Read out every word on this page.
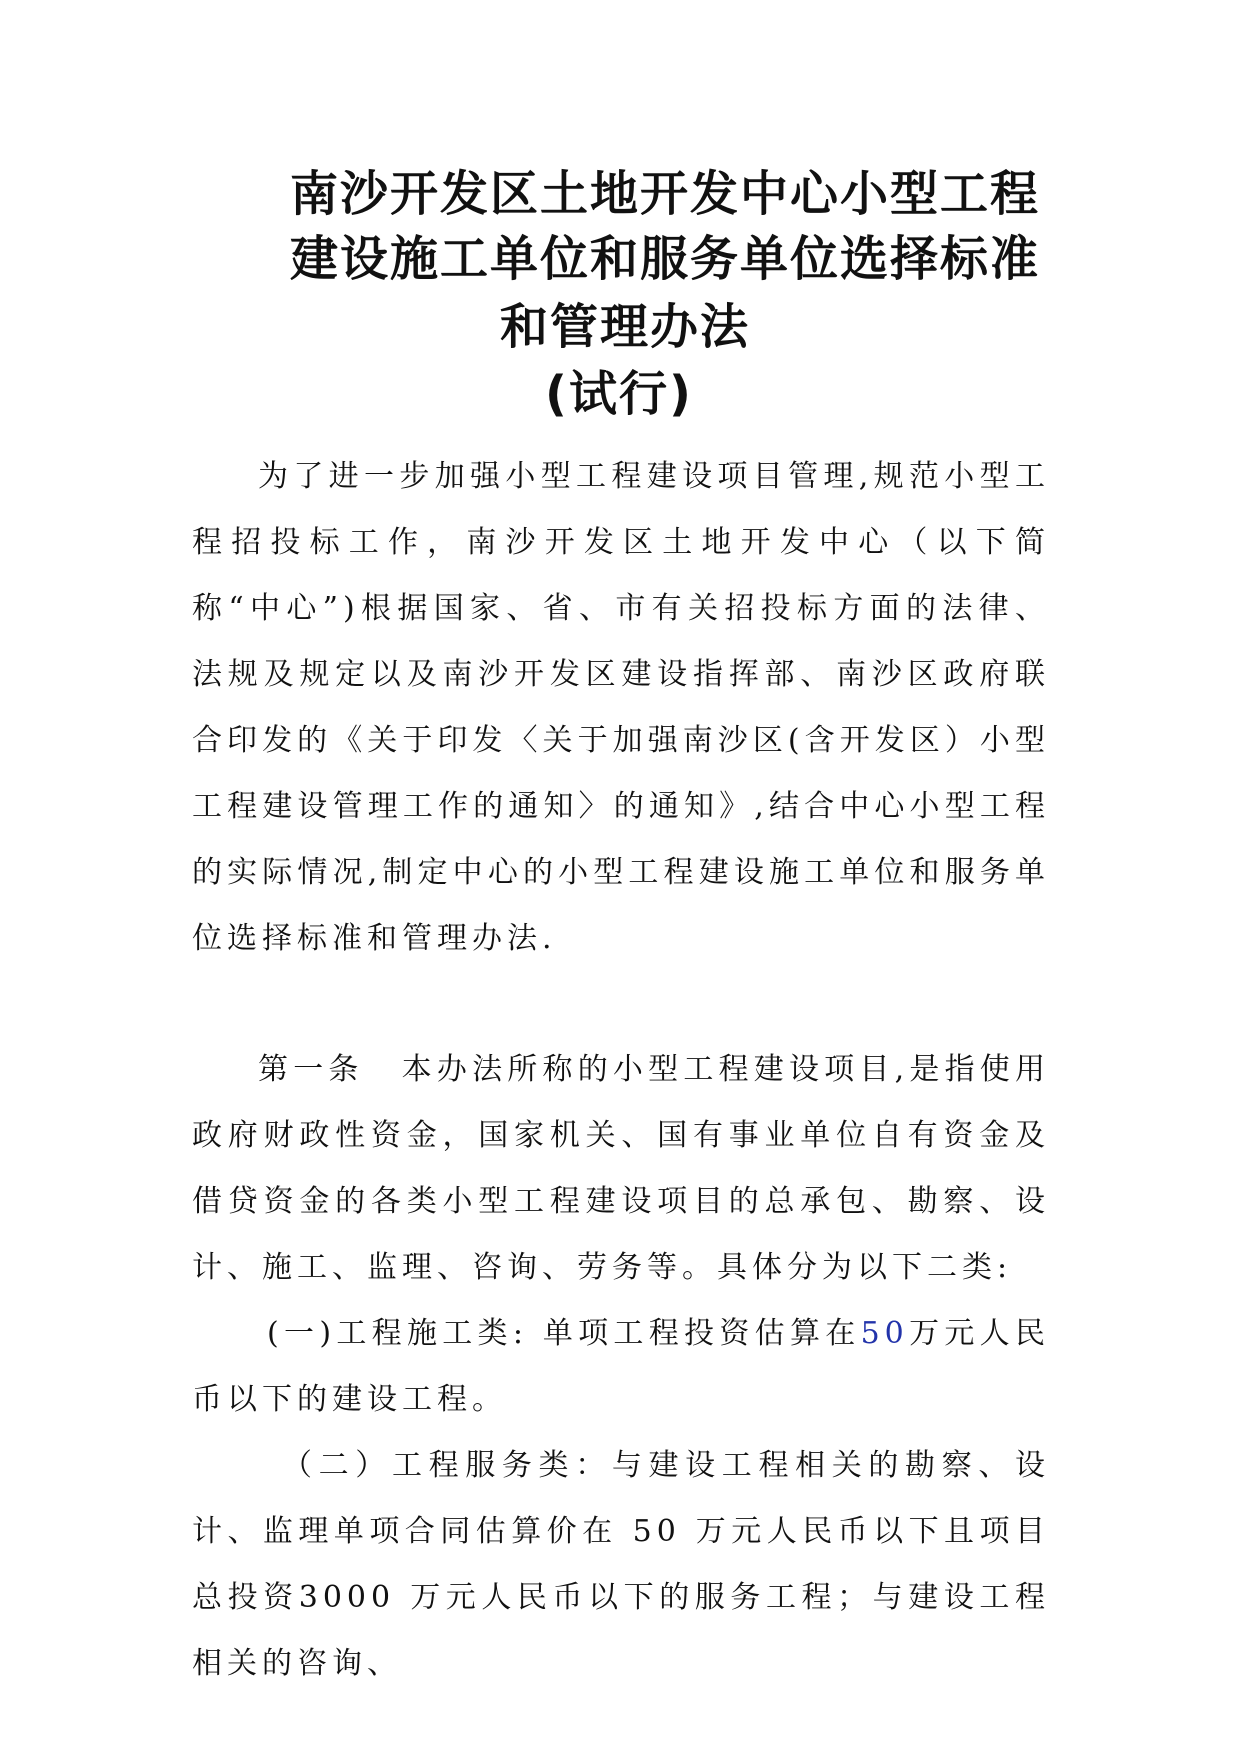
南沙开发区土地开发中心小型工程
建设施工单位和服务单位选择标准
和管理办法
(试行)

为了进一步加强小型工程建设项目管理,规范小型工程招投标工作，南沙开发区土地开发中心（以下简称“中心”)根据国家、省、市有关招投标方面的法律、法规及规定以及南沙开发区建设指挥部、南沙区政府联合印发的《关于印发〈关于加强南沙区(含开发区）小型工程建设管理工作的通知〉的通知》,结合中心小型工程的实际情况,制定中心的小型工程建设施工单位和服务单位选择标准和管理办法.

第一条 本办法所称的小型工程建设项目,是指使用政府财政性资金，国家机关、国有事业单位自有资金及借贷资金的各类小型工程建设项目的总承包、勘察、设计、施工、监理、咨询、劳务等。具体分为以下二类:

(一)工程施工类: 单项工程投资估算在50万元人民币以下的建设工程。

（二）工程服务类：与建设工程相关的勘察、设计、监理单项合同估算价在 50 万元人民币以下且项目总投资3000 万元人民币以下的服务工程；与建设工程相关的咨询、
